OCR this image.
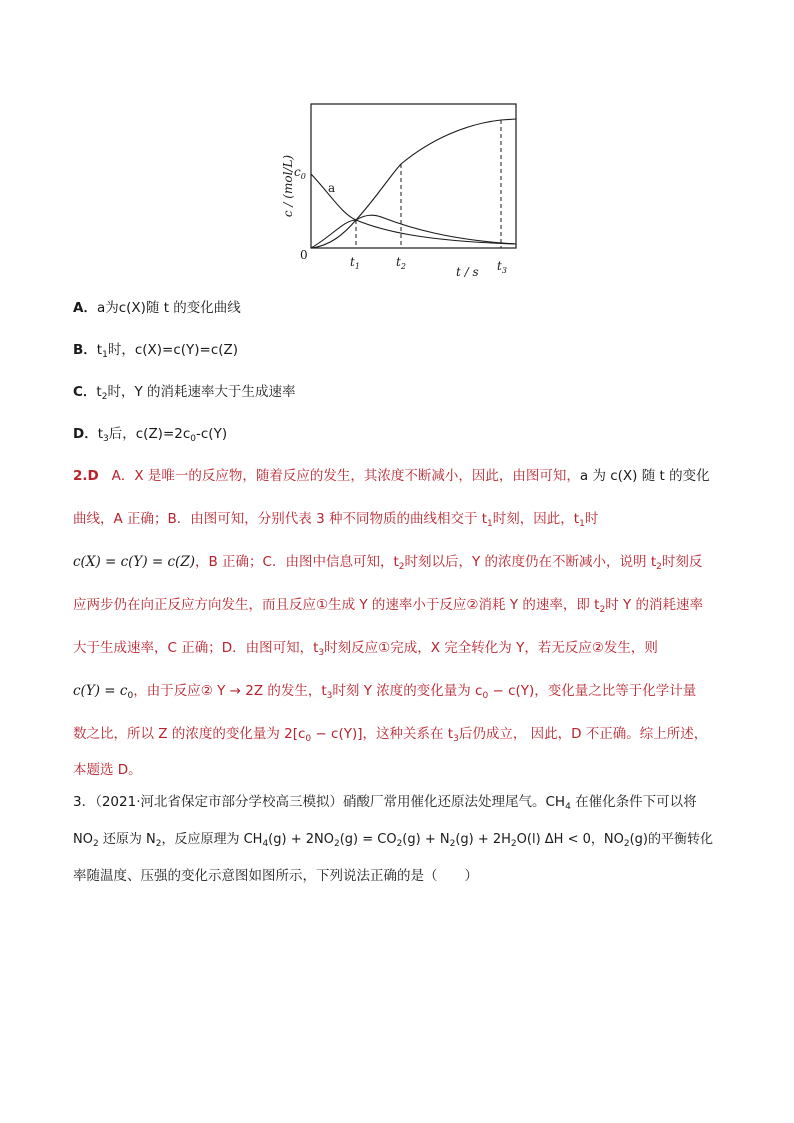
c / (mol/L)
0
$c_0$
a
$t_1$	$t_2$	$t_3$
t / s
A．a为c(X)随 t 的变化曲线
B．$t_1$时，c(X)=c(Y)=c(Z)
C．$t_2$时，Y 的消耗速率大于生成速率
D．$t_3$后，$c(Z)=2c_0-c(Y)$
2.D A．X 是唯一的反应物，随着反应的发生，其浓度不断减小，因此，由图可知，a 为 c(X) 随 t 的变化
曲线，A 正确；B．由图可知，分别代表 3 种不同物质的曲线相交于 $t_1$时刻，因此，$t_1$时
c(X) = c(Y) = c(Z)，B 正确；C．由图中信息可知，$t_2$时刻以后，Y 的浓度仍在不断减小，说明 $t_2$时刻反
应两步仍在向正反应方向发生，而且反应①生成 Y 的速率小于反应②消耗 Y 的速率，即 $t_2$时 Y 的消耗速率
大于生成速率，C 正确；D．由图可知，$t_3$时刻反应①完成，X 完全转化为 Y，若无反应②发生，则
$c(Y) = c_0$，由于反应② Y → 2Z 的发生，$t_3$时刻 Y 浓度的变化量为 $c_0 - c(Y)$，变化量之比等于化学计量
数之比，所以 Z 的浓度的变化量为 $2[c_0 - c(Y)]$，这种关系在 $t_3$后仍成立， 因此，D 不正确。综上所述，
本题选 D。
3．（2021·河北省保定市部分学校高三模拟）硝酸厂常用催化还原法处理尾气。$CH_4$ 在催化条件下可以将
$NO_2$ 还原为 $N_2$，反应原理为 $CH_4(g) + 2NO_2(g) = CO_2(g) + N_2(g) + 2H_2O(l) \Delta H < 0$，$NO_2(g)$的平衡转化
率随温度、压强的变化示意图如图所示，下列说法正确的是（　　）
